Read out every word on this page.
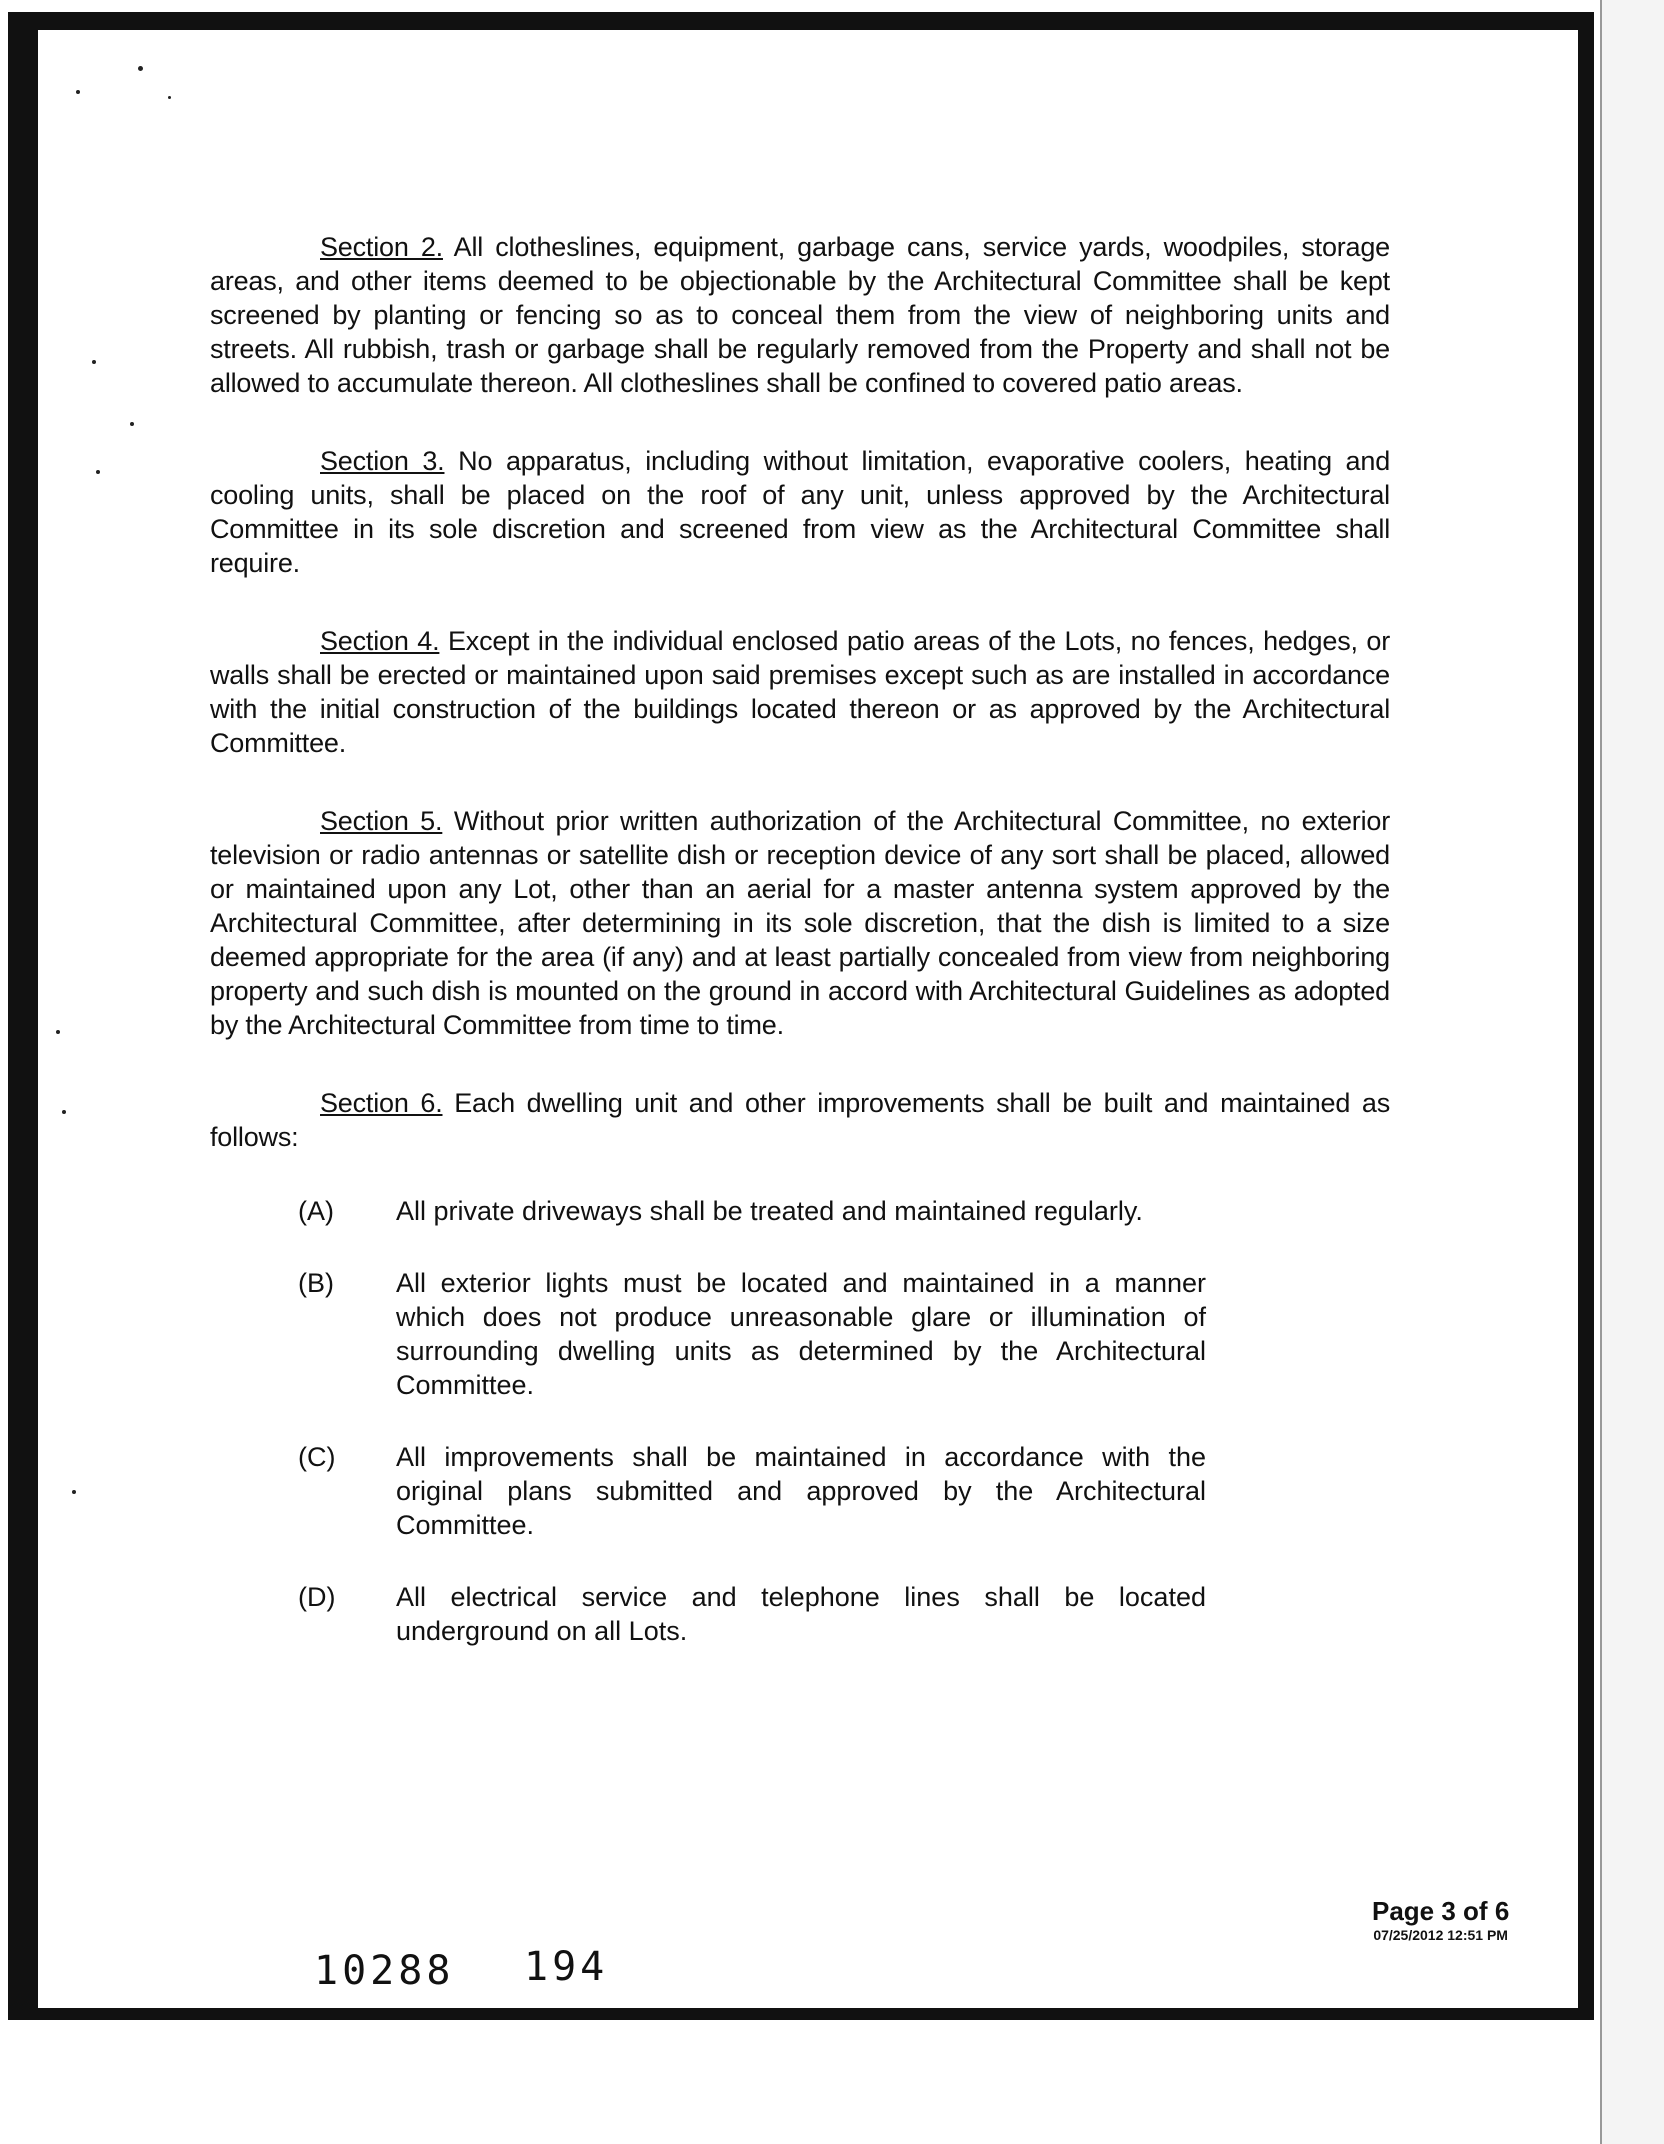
Section 2. All clotheslines, equipment, garbage cans, service yards, woodpiles, storage areas, and other items deemed to be objectionable by the Architectural Committee shall be kept screened by planting or fencing so as to conceal them from the view of neighboring units and streets. All rubbish, trash or garbage shall be regularly removed from the Property and shall not be allowed to accumulate thereon. All clotheslines shall be confined to covered patio areas.

Section 3. No apparatus, including without limitation, evaporative coolers, heating and cooling units, shall be placed on the roof of any unit, unless approved by the Architectural Committee in its sole discretion and screened from view as the Architectural Committee shall require.

Section 4. Except in the individual enclosed patio areas of the Lots, no fences, hedges, or walls shall be erected or maintained upon said premises except such as are installed in accordance with the initial construction of the buildings located thereon or as approved by the Architectural Committee.

Section 5. Without prior written authorization of the Architectural Committee, no exterior television or radio antennas or satellite dish or reception device of any sort shall be placed, allowed or maintained upon any Lot, other than an aerial for a master antenna system approved by the Architectural Committee, after determining in its sole discretion, that the dish is limited to a size deemed appropriate for the area (if any) and at least partially concealed from view from neighboring property and such dish is mounted on the ground in accord with Architectural Guidelines as adopted by the Architectural Committee from time to time.

Section 6. Each dwelling unit and other improvements shall be built and maintained as follows:

(A)	All private driveways shall be treated and maintained regularly.
(B)	All exterior lights must be located and maintained in a manner which does not produce unreasonable glare or illumination of surrounding dwelling units as determined by the Architectural Committee.
(C)	All improvements shall be maintained in accordance with the original plans submitted and approved by the Architectural Committee.
(D)	All electrical service and telephone lines shall be located underground on all Lots.
Page 3 of 6
07/25/2012 12:51 PM
10288 194
